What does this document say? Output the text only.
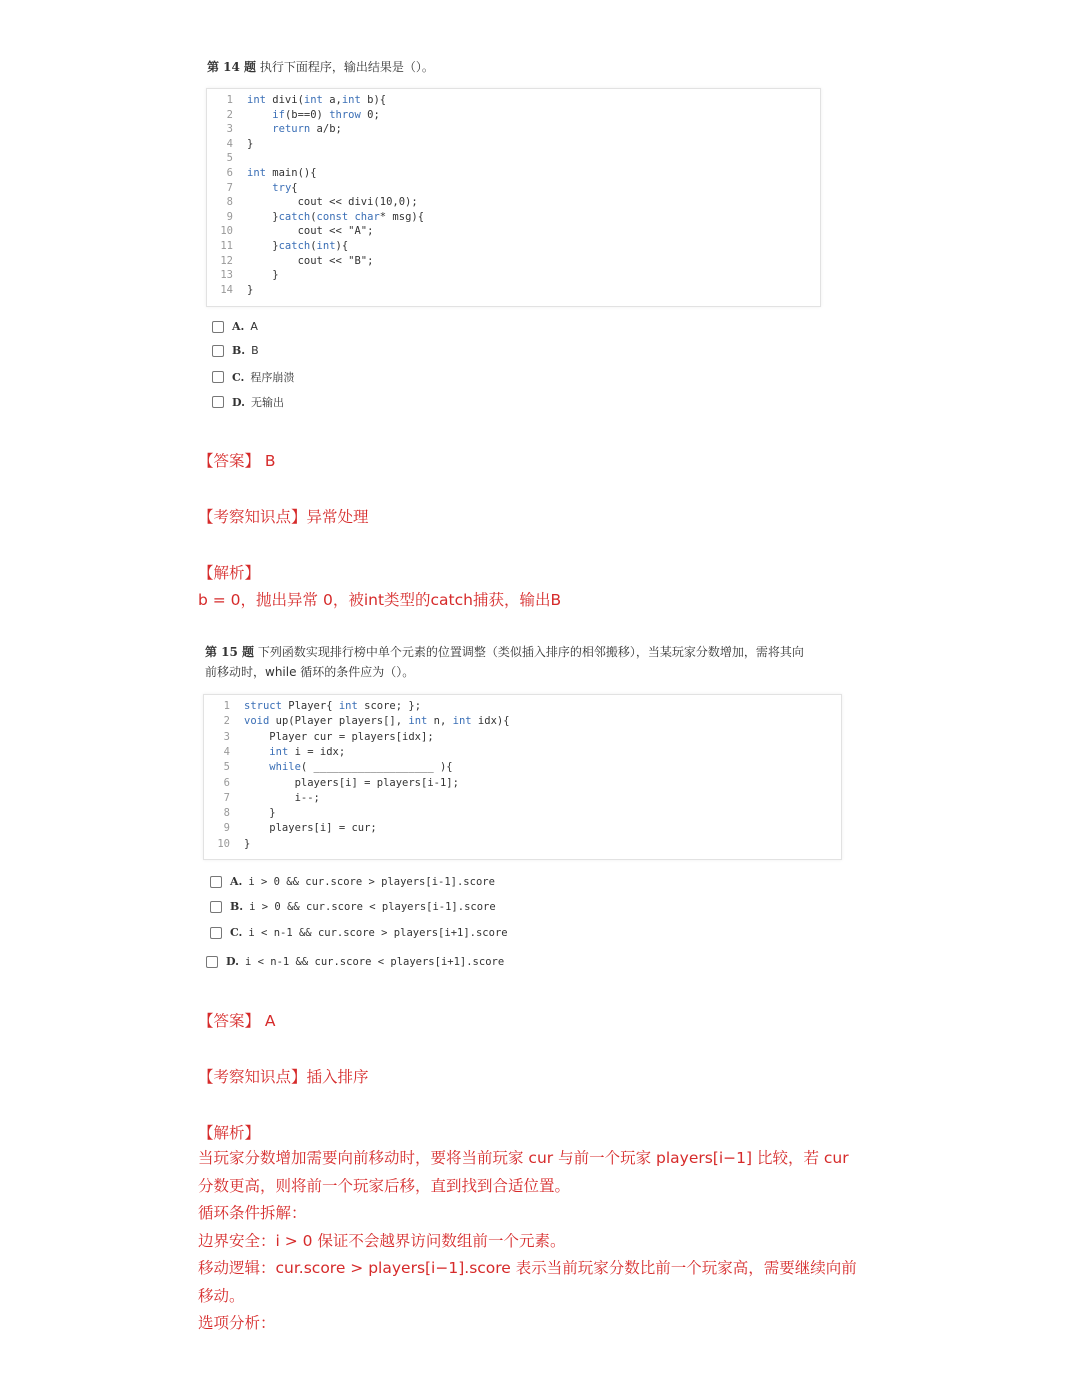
第 14 题 执行下面程序，输出结果是（）。
1 int divi(int a,int b){
2	if(b==0) throw 0;
3	return a/b;
4 }
5
6 int main(){
7	try{
8        cout << divi(10,0);
9    }catch(const char* msg){
10        cout << "A";
11    }catch(int){
12        cout << "B";
13    }
14 }
A. A
B. B
C. 程序崩溃
D. 无输出
【答案】 B
【考察知识点】异常处理
【解析】
b = 0，抛出异常 0，被int类型的catch捕获，输出B
第 15 题 下列函数实现排行榜中单个元素的位置调整（类似插入排序的相邻搬移），当某玩家分数增加，需将其向
前移动时，while 循环的条件应为（）。
1 struct Player{ int score; };
2 void up(Player players[], int n, int idx){
3    Player cur = players[idx];
4	int i = idx;
5	while( ___________________ ){
6        players[i] = players[i-1];
7        i--;
8    }
9    players[i] = cur;
10 }
A. i > 0 && cur.score > players[i-1].score
B. i > 0 && cur.score < players[i-1].score
C. i < n-1 && cur.score > players[i+1].score
D. i < n-1 && cur.score < players[i+1].score
【答案】 A
【考察知识点】插入排序
【解析】
当玩家分数增加需要向前移动时，要将当前玩家 cur 与前一个玩家 players[i−1] 比较，若 cur
分数更高，则将前一个玩家后移，直到找到合适位置。
循环条件拆解：
边界安全：i > 0 保证不会越界访问数组前一个元素。
移动逻辑：cur.score > players[i−1].score 表示当前玩家分数比前一个玩家高，需要继续向前
移动。
选项分析：
